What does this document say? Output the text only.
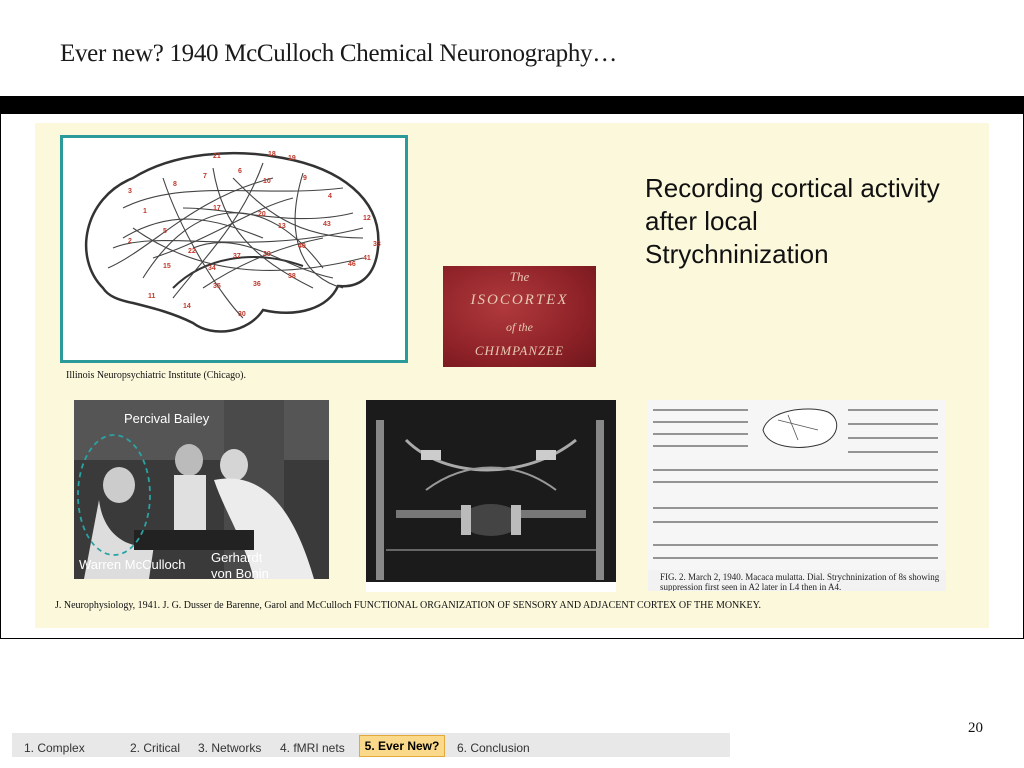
Ever new? 1940 McCulloch Chemical Neuronography…
21	18
19
3
8
7
6
10	9
1	17
4
12
33
13
2
20
43
5
41
40
46
38
39
37
34
22
15
35	36
14
11
30
The
ISOCORTEX
of the
CHIMPANZEE
Recording cortical activity after local Strychninization
Illinois Neuropsychiatric Institute (Chicago).
Percival Bailey
Warren McCulloch Gerhardt
von Bonin	FIG. 2. March 2, 1940. Macaca mulatta. Dial. Strychninization of 8s showing suppression first seen in A2 later in L4 then in A4.
J. Neurophysiology, 1941. J. G. Dusser de Barenne, Garol and McCulloch FUNCTIONAL ORGANIZATION OF SENSORY AND ADJACENT CORTEX OF THE MONKEY.
20
1. Complex	2. Critical 3. Networks 4. fMRI nets	6. Conclusion
5. Ever New?
